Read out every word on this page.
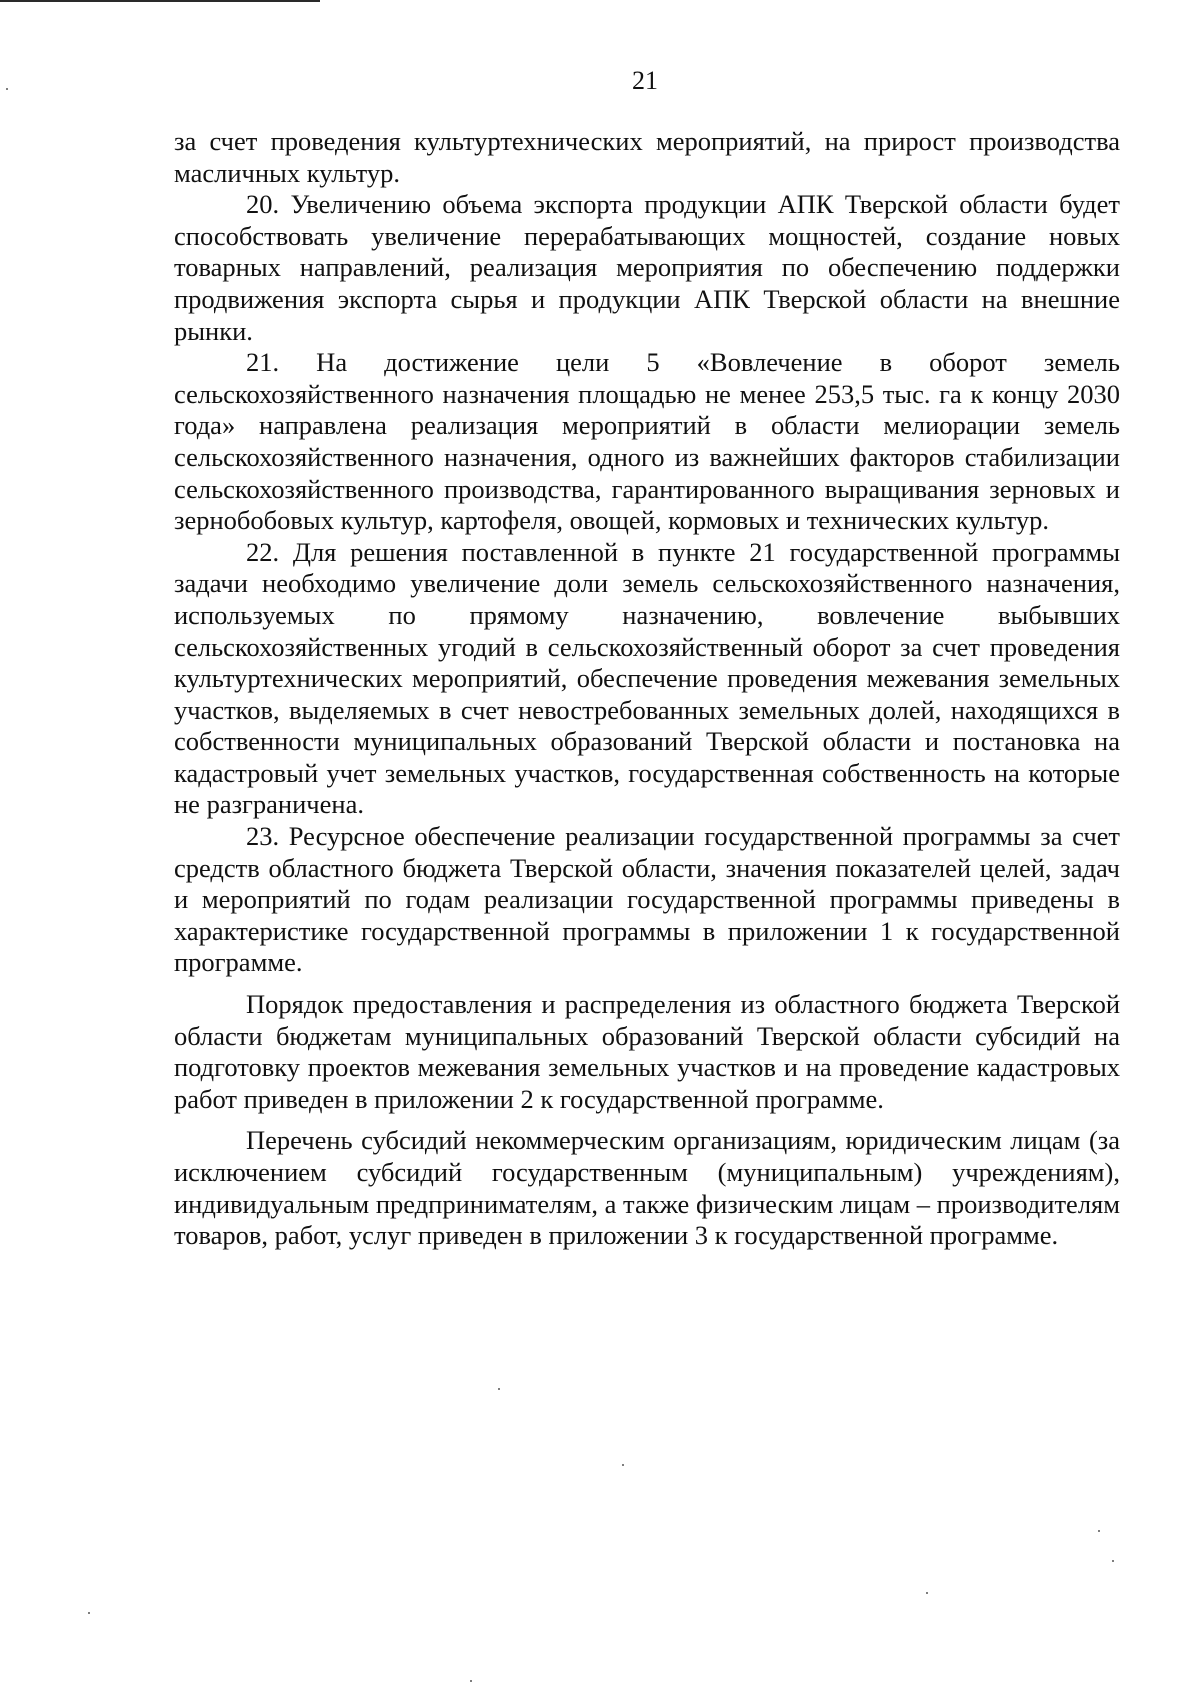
21

за счет проведения культуртехнических мероприятий, на прирост производства масличных культур.

20. Увеличению объема экспорта продукции АПК Тверской области будет способствовать увеличение перерабатывающих мощностей, создание новых товарных направлений, реализация мероприятия по обеспечению поддержки продвижения экспорта сырья и продукции АПК Тверской области на внешние рынки.

21. На достижение цели 5 «Вовлечение в оборот земель сельскохозяйственного назначения площадью не менее 253,5 тыс. га к концу 2030 года» направлена реализация мероприятий в области мелиорации земель сельскохозяйственного назначения, одного из важнейших факторов стабилизации сельскохозяйственного производства, гарантированного выращивания зерновых и зернобобовых культур, картофеля, овощей, кормовых и технических культур.

22. Для решения поставленной в пункте 21 государственной программы задачи необходимо увеличение доли земель сельскохозяйственного назначения, используемых по прямому назначению, вовлечение выбывших сельскохозяйственных угодий в сельскохозяйственный оборот за счет проведения культуртехнических мероприятий, обеспечение проведения межевания земельных участков, выделяемых в счет невостребованных земельных долей, находящихся в собственности муниципальных образований Тверской области и постановка на кадастровый учет земельных участков, государственная собственность на которые не разграничена.

23. Ресурсное обеспечение реализации государственной программы за счет средств областного бюджета Тверской области, значения показателей целей, задач и мероприятий по годам реализации государственной программы приведены в характеристике государственной программы в приложении 1 к государственной программе.

Порядок предоставления и распределения из областного бюджета Тверской области бюджетам муниципальных образований Тверской области субсидий на подготовку проектов межевания земельных участков и на проведение кадастровых работ приведен в приложении 2 к государственной программе.

Перечень субсидий некоммерческим организациям, юридическим лицам (за исключением субсидий государственным (муниципальным) учреждениям), индивидуальным предпринимателям, а также физическим лицам – производителям товаров, работ, услуг приведен в приложении 3 к государственной программе.
